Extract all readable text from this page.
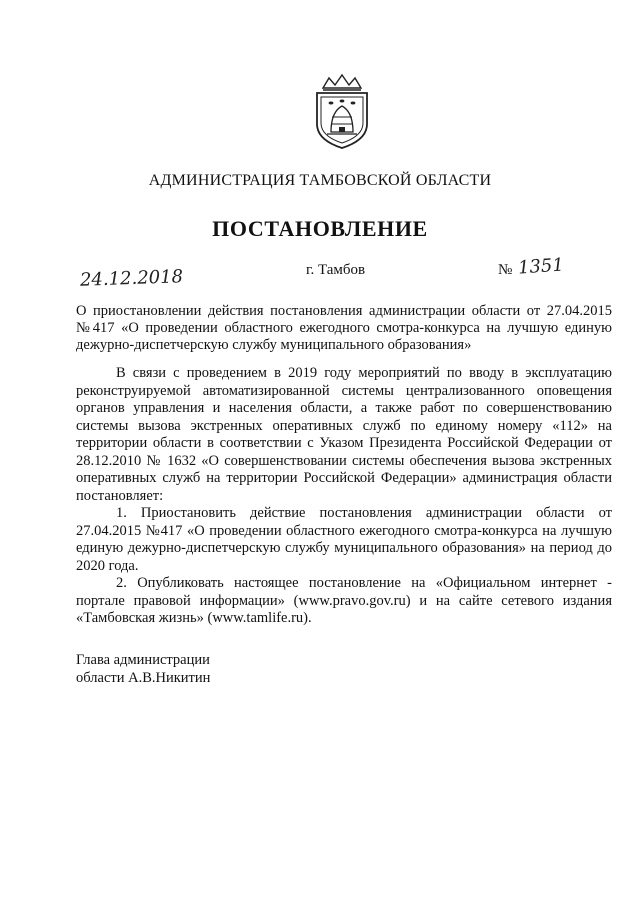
АДМИНИСТРАЦИЯ ТАМБОВСКОЙ ОБЛАСТИ
ПОСТАНОВЛЕНИЕ
24.12.2018	г. Тамбов	№ 1351
О приостановлении действия постановления администрации области от 27.04.2015 №417 «О проведении областного ежегодного смотра-конкурса на лучшую единую дежурно-диспетчерскую службу муниципального образования»

В связи с проведением в 2019 году мероприятий по вводу в эксплуатацию реконструируемой автоматизированной системы централизованного оповещения органов управления и населения области, а также работ по совершенствованию системы вызова экстренных оперативных служб по единому номеру «112» на территории области в соответствии с Указом Президента Российской Федерации от 28.12.2010 № 1632 «О совершенствовании системы обеспечения вызова экстренных оперативных служб на территории Российской Федерации» администрация области постановляет:

1. Приостановить действие постановления администрации области от 27.04.2015 №417 «О проведении областного ежегодного смотра-конкурса на лучшую единую дежурно-диспетчерскую службу муниципального образования» на период до 2020 года.

2. Опубликовать настоящее постановление на «Официальном интернет - портале правовой информации» (www.pravo.gov.ru) и на сайте сетевого издания «Тамбовская жизнь» (www.tamlife.ru).

Глава администрации
области А.В.Никитин
